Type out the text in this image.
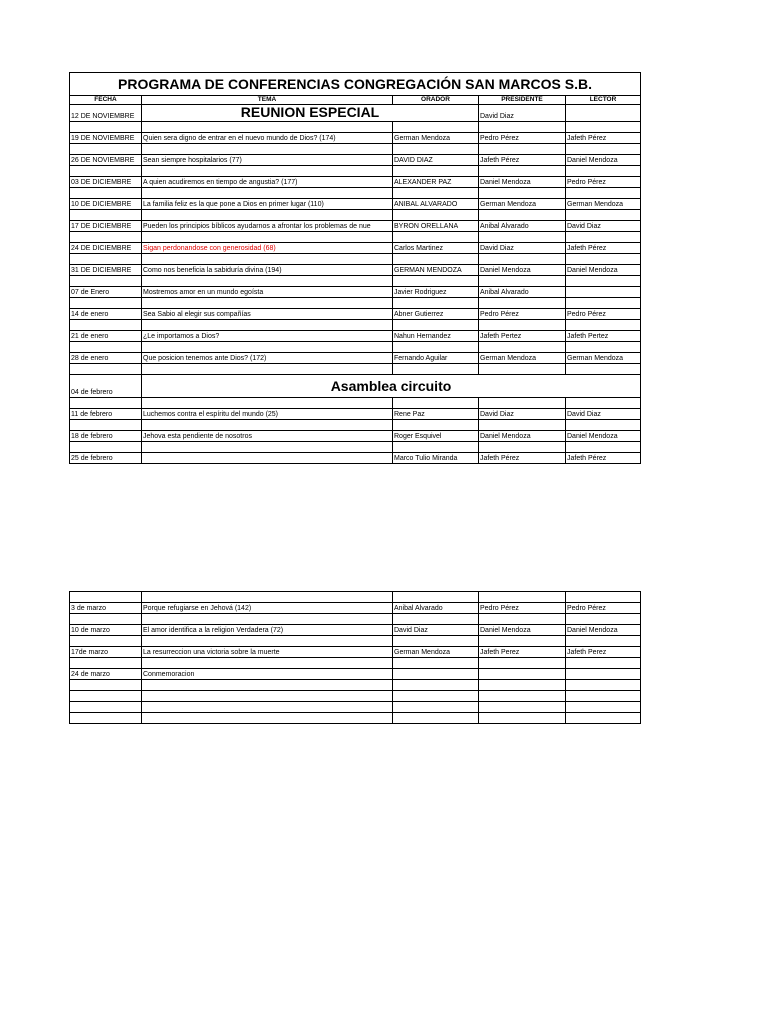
PROGRAMA DE CONFERENCIAS CONGREGACIÓN SAN MARCOS S.B.				
FECHA	TEMA	ORADOR	PRESIDENTE	LECTOR
12 DE NOVIEMBRE	REUNION ESPECIAL		David Diaz	

19 DE NOVIEMBRE	Quien sera digno de entrar en el nuevo mundo de Dios? (174)	German Mendoza	Pedro Pérez	Jafeth Pérez

26 DE NOVIEMBRE	Sean siempre hospitalarios (77)	DAVID DIAZ	Jafeth Pérez	Daniel Mendoza

03 DE DICIEMBRE	A quien acudiremos en tiempo de angustia? (177)	ALEXANDER PAZ	Daniel Mendoza	Pedro Pérez

10 DE DICIEMBRE	La familia feliz es la que pone a Dios en primer lugar (110)	ANIBAL ALVARADO	German Mendoza	German Mendoza

17 DE DICIEMBRE	Pueden los principios bíblicos ayudarnos a afrontar los problemas de nue	BYRON ORELLANA	Anibal Alvarado	David Diaz

24 DE DICIEMBRE	Sigan perdonandose con generosidad (68)	Carlos Martinez	David Diaz	Jafeth Pérez

31 DE DICIEMBRE	Como nos beneficia la sabiduría divina (194)	GERMAN MENDOZA	Daniel Mendoza	Daniel Mendoza

07 de Enero	Mostremos amor en un mundo egoísta	Javier Rodriguez	Anibal Alvarado	

14 de enero	Sea Sabio al elegir sus compañías	Abner Gutierrez	Pedro Pérez	Pedro Pérez

21 de enero	¿Le importamos a Dios?	Nahun Hernandez	Jafeth Pertez	Jafeth Pertez

28 de enero	Que posicion tenemos ante Dios? (172)	Fernando Aguilar	German Mendoza	German Mendoza

04 de febrero	Asamblea circuito			

11 de febrero	Luchemos contra el espíritu del mundo (25)	Rene Paz	David Diaz	David Diaz

18 de febrero	Jehova esta pendiente de nosotros	Roger Esquivel	Daniel Mendoza	Daniel Mendoza

25 de febrero		Marco Tulio Miranda	Jafeth Pérez	Jafeth Pérez

3 de marzo	Porque refugiarse en Jehová (142)	Anibal Alvarado	Pedro Pérez	Pedro Pérez

10 de marzo	El amor identifica a la religion Verdadera (72)	David Diaz	Daniel Mendoza	Daniel Mendoza

17de marzo	La resurreccion una victoria sobre la muerte	German Mendoza	Jafeth Perez	Jafeth Perez

24 de marzo	Conmemoracion			
